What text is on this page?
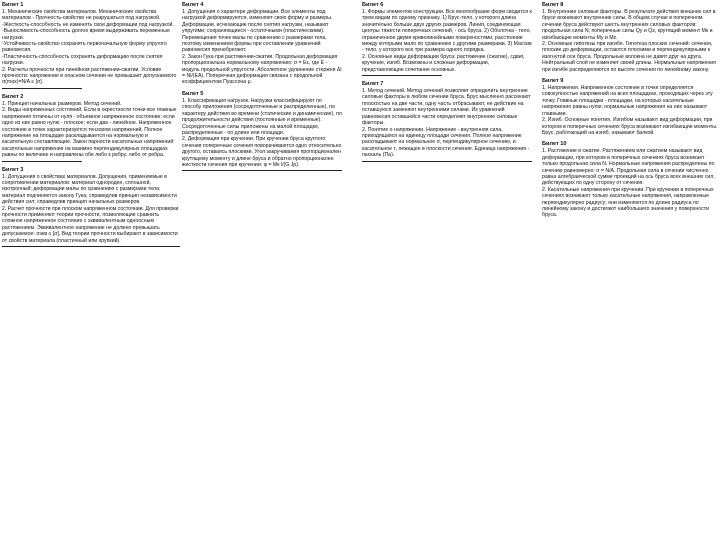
Билет 1

1. Механические свойства материалов. Механические свойства материалов - Прочность-свойство не разрушаться под нагрузкой.

-Жесткость-способность не изменять свои деформации под нагрузкой.

-Выносливость-способность долгое время выдерживать переменные нагрузки.

-Устойчивость-свойство сохранять первоначальную форму упругого равновесия.

-Пластичность-способность сохранять деформацию после снятия нагрузки.

2. Расчеты прочности при линейном растяжении-сжатии. Условие прочности: напряжение в опасном сечении не превышает допускаемого σ(max)=N/A ≤ [σ].

Билет 2

1. Принцип начальных размеров. Метод сечений.

2. Виды напряженных состояний. Если в окрестности точки все главные напряжения отличны от нуля - объемное напряженное состояние; если одно из них равно нулю - плоское; если два - линейное. Напряженное состояние в точке характеризуется тензором напряжений. Полное напряжение на площадке раскладывается на нормальную и касательную составляющие. Закон парности касательных напряжений: касательные напряжения на взаимно перпендикулярных площадках равны по величине и направлены обе либо к ребру, либо от ребра.

Билет 3

1. Допущения о свойствах материалов. Допущения, применяемые в сопротивлении материалов: материал однороден, сплошной, изотропный; деформации малы по сравнению с размерами тела; материал подчиняется закону Гука; справедлив принцип независимости действия сил; справедлив принцип начальных размеров.

2. Расчет прочности при плоском напряженном состоянии. Для проверки прочности применяют теории прочности, позволяющие сравнить сложное напряженное состояние с эквивалентным одноосным растяжением. Эквивалентное напряжение не должно превышать допускаемое: σэкв ≤ [σ]. Вид теории прочности выбирают в зависимости от свойств материала (пластичный или хрупкий).

Билет 4

1. Допущения о характере деформации. Все элементы под нагрузкой деформируются, изменяют свою форму и размеры. Деформации, исчезающие после снятия нагрузки, называют упругими; сохраняющиеся - остаточными (пластическими). Перемещения точек малы по сравнению с размерами тела, поэтому изменением формы при составлении уравнений равновесия пренебрегают.

2. Закон Гука при растяжении-сжатии. Продольная деформация пропорциональна нормальному напряжению: σ = Eε, где E - модуль продольной упругости. Абсолютное удлинение стержня Δl = Nl/(EA). Поперечная деформация связана с продольной коэффициентом Пуассона μ.

Билет 5

1. Классификация нагрузок. Нагрузки классифицируют по способу приложения (сосредоточенные и распределенные), по характеру действия во времени (статические и динамические), по продолжительности действия (постоянные и временные). Сосредоточенные силы приложены на малой площадке, распределенные - по длине или площади.

2. Деформация при кручении. При кручении бруса круглого сечения поперечные сечения поворачиваются одно относительно другого, оставаясь плоскими. Угол закручивания пропорционален крутящему моменту и длине бруса и обратно пропорционален жесткости сечения при кручении: φ = Mк l/(G Jp).

Билет 6

1. Формы элементов конструкции. Все многообразие форм сводится к трем видам по одному признаку. 1) Брус-тело, у которого длина значительно больше двух других размеров. Линия, соединяющая центры тяжести поперечных сечений, - ось бруса. 2) Оболочка - тело, ограниченное двумя криволинейными поверхностями, расстояние между которыми мало по сравнению с другими размерами. 3) Массив - тело, у которого все три размера одного порядка.

2. Основные виды деформации бруса: растяжение (сжатие), сдвиг, кручение, изгиб. Возможны и сложные деформации, представляющие сочетание основных.

Билет 7

1. Метод сечений. Метод сечений позволяет определить внутренние силовые факторы в любом сечении бруса. Брус мысленно рассекают плоскостью на две части, одну часть отбрасывают, ее действие на оставшуюся заменяют внутренними силами. Из уравнений равновесия оставшейся части определяют внутренние силовые факторы.

2. Понятие о напряжении. Напряжение - внутренняя сила, приходящаяся на единицу площади сечения. Полное напряжение раскладывают на нормальное σ, перпендикулярное сечению, и касательное τ, лежащее в плоскости сечения. Единица напряжения - паскаль (Па).

Билет 8

1. Внутренние силовые факторы. В результате действия внешних сил в брусе возникают внутренние силы. В общем случае в поперечном сечении бруса действуют шесть внутренних силовых факторов: продольная сила N, поперечные силы Qy и Qz, крутящий момент Mк и изгибающие моменты My и Mz.

2. Основные гипотезы при изгибе. Гипотеза плоских сечений: сечения, плоские до деформации, остаются плоскими и перпендикулярными к изогнутой оси бруса. Продольные волокна не давят друг на друга. Нейтральный слой не изменяет своей длины. Нормальные напряжения при изгибе распределяются по высоте сечения по линейному закону.

Билет 9

1. Напряжения. Напряженное состояние в точке определяется совокупностью напряжений на всех площадках, проходящих через эту точку. Главные площадки - площадки, на которых касательные напряжения равны нулю; нормальные напряжения на них называют главными.

2. Изгиб. Основные понятия. Изгибом называют вид деформации, при котором в поперечных сечениях бруса возникают изгибающие моменты. Брус, работающий на изгиб, называют балкой.

Билет 10

1. Растяжение и сжатие. Растяжением или сжатием называют вид деформации, при котором в поперечных сечениях бруса возникает только продольная сила N. Нормальные напряжения распределены по сечению равномерно: σ = N/A. Продольная сила в сечении численно равна алгебраической сумме проекций на ось бруса всех внешних сил, действующих по одну сторону от сечения.

2. Касательные напряжения при кручении. При кручении в поперечных сечениях возникают только касательные напряжения, направленные перпендикулярно радиусу; они изменяются по длине радиуса по линейному закону и достигают наибольшего значения у поверхности бруса.
